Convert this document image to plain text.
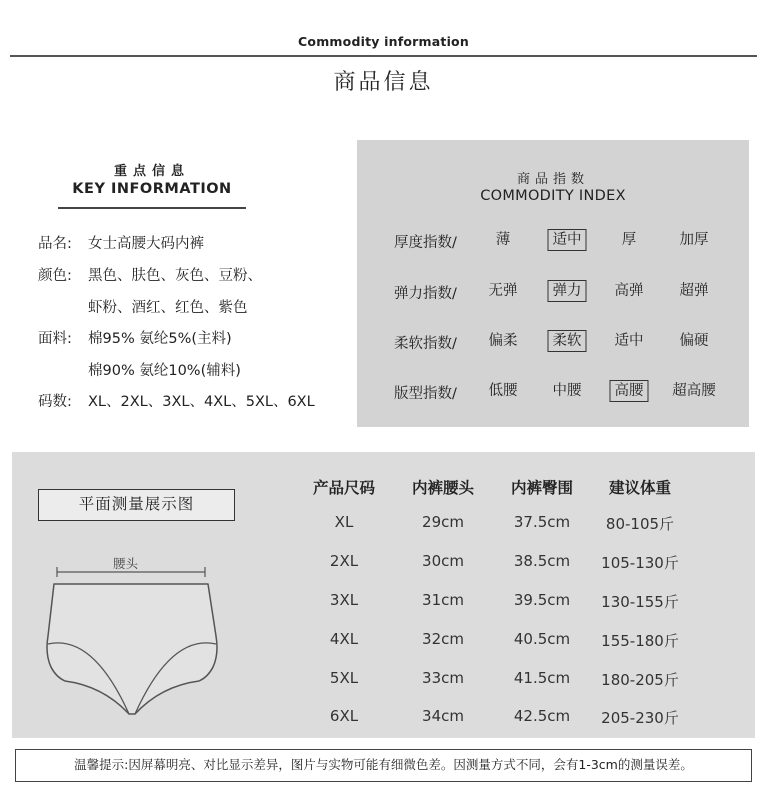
Commodity information
商品信息
重点信息
KEY INFORMATION
品名: 女士高腰大码内裤
颜色: 黑色、肤色、灰色、豆粉、
虾粉、酒红、红色、紫色
面料: 棉95% 氨纶5%(主料)
棉90% 氨纶10%(辅料)
码数: XL、2XL、3XL、4XL、5XL、6XL
商品指数
COMMODITY INDEX
厚度指数/	薄	适中	厚	加厚
弹力指数/	无弹	弹力	高弹	超弹
柔软指数/	偏柔	柔软	适中	偏硬
版型指数/	低腰	中腰	高腰	超高腰
平面测量展示图
腰头
产品尺码 内裤腰头 内裤臀围 建议体重
XL	29cm	37.5cm 80-105斤
2XL	30cm	38.5cm 105-130斤
3XL	31cm	39.5cm 130-155斤
4XL	32cm	40.5cm 155-180斤
5XL	33cm	41.5cm 180-205斤
6XL	34cm	42.5cm 205-230斤
温馨提示:因屏幕明亮、对比显示差异，图片与实物可能有细微色差。因测量方式不同，会有1-3cm的测量误差。
